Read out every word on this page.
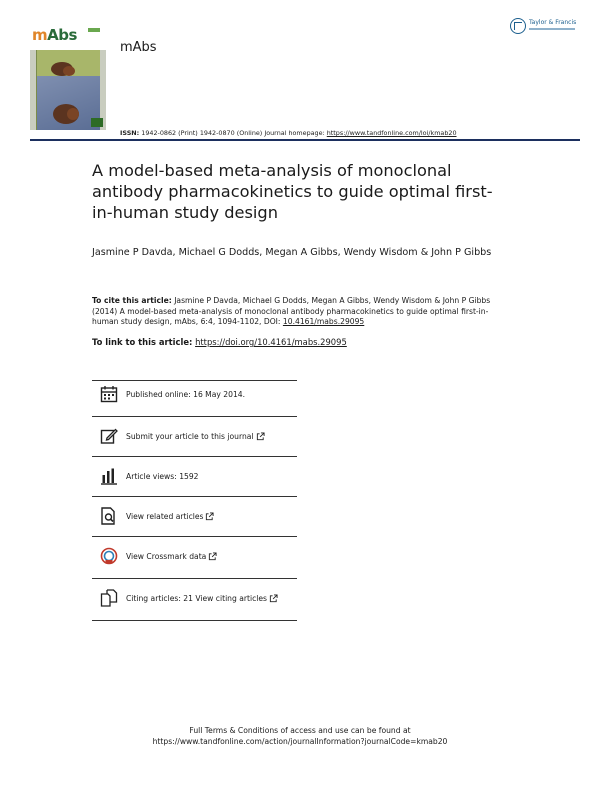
mAbs
mAbs
Taylor & Francis
ISSN: 1942-0862 (Print) 1942-0870 (Online) Journal homepage: https://www.tandfonline.com/loi/kmab20
A model-based meta-analysis of monoclonal antibody pharmacokinetics to guide optimal first-in-human study design
Jasmine P Davda, Michael G Dodds, Megan A Gibbs, Wendy Wisdom & John P Gibbs
To cite this article: Jasmine P Davda, Michael G Dodds, Megan A Gibbs, Wendy Wisdom & John P Gibbs (2014) A model-based meta-analysis of monoclonal antibody pharmacokinetics to guide optimal first-in-human study design, mAbs, 6:4, 1094-1102, DOI: 10.4161/mabs.29095
To link to this article: https://doi.org/10.4161/mabs.29095
Published online: 16 May 2014.
Submit your article to this journal
Article views: 1592
View related articles
View Crossmark data
Citing articles: 21 View citing articles
Full Terms & Conditions of access and use can be found at
https://www.tandfonline.com/action/journalInformation?journalCode=kmab20
